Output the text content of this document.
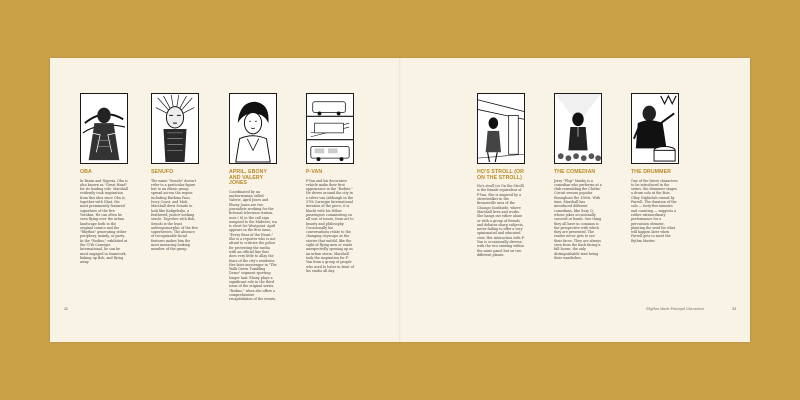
OBA
In Benin and Nigeria, Oba is also known as "Great Head" for its leading role. Marshall evidently took inspiration from this idea since Oba is, together with Nhat, the most prominently featured superhero of the five Yorubas. He can often be seen flying over the urban landscape both in the original comics and the "Rhythm" generating either periphery, mainly, or party. In the "Rodins," exhibited at the 57th Carnegie International, he can be most engaged in teamwork, linking up Bob, and flying away.
SENUFO
The name "Senufo" doesn't refer to a particular figure but to an ethnic group spread across the region including Burkina Faso, Ivory Coast, and Mali. Marshall drew Senufo to look like Kafigeledjo, a feathered, justice-seeking oracle. Together with Bob, Senufo is the least anthropomorphic of the five superheroes. The absence of recognizable facial features makes him the most menacing looking member of the group.
APRIL, EBONY AND VALERY JONES
Coordinated by an anchorwoman called Valerie, April Jones and Ebony Jones are two journalists working for the fictional television station, uses ( 8) in the call sign assigned to the Midwest; wa is short for Westpoint. April appears in the first issue, "Every Bear of the Heart," She is a reporter who is not afraid to criticize the police for protesting the media with an official line that does very little to allay the fears of the city's residents. Her later messenger in "The Walk Green Tumbling Demo" segment sporting longer hair. Ebony plays a significant role in the third issue of the original series, "Rodins," when she offers a comprehensive recapitulation of the events.
P-VAN
P-Van and his decorative vehicle make their first appearance in the "Rodins." He drives around the city in a silver van (although in the 57th Carnegie International iteration of the piece, it is black) with his fellow passengers commenting on all sort of issues, from art to beauty and philosophy. Occasionally his conversations relate to the changing cityscape as the stories that unfold, like the sight of flying men or roads unexpectedly opening up as an urban storm. Marshall took the inspiration for P-Van from a group of people who used to loiter in front of his studio all day.
32
HO'S STROLL (OR ON THE STROLL)
Ho's stroll (or On the Stroll) is the female equivalent of P-Van. She is inspired by a streetwalker in the Bronzeville area of the Chicago Southside, where Marshall lives and works. She hangs out either alone or with a group of friends and debates sharp subjects, never failing to offer a very opinionated and educated view. Her interaction with P-Van is occasionally diverse, with the two existing within the same panel but on two different planes.
THE COMEDIAN
Jerry "Flop" Maeby is a comedian who performs at a club resembling the Chitlin' Circuit venues popular throughout the 1960s. With time, Marshall has introduced different comedians, like Suzy Q, whose jokes occasionally succeed or bomb. One thing they all have in common is the perspective with which they are presented. The reader never gets to see their faces. They are always seen from the back facing a full house, the only distinguishable trait being their wardrobes.
THE DRUMMER
One of the latest characters to be introduced in the series, the drummer stages a drum solo at the Bois Oliny Nightclub owned by Farrell. The duration of the solo — forty-five minutes and counting — suggests a rather extraordinary performance for a percussion element, planting the seed for what will happen later when Farrell gets to meet the Rythm Master.
Rhythm Mastr Principal Characters	33
